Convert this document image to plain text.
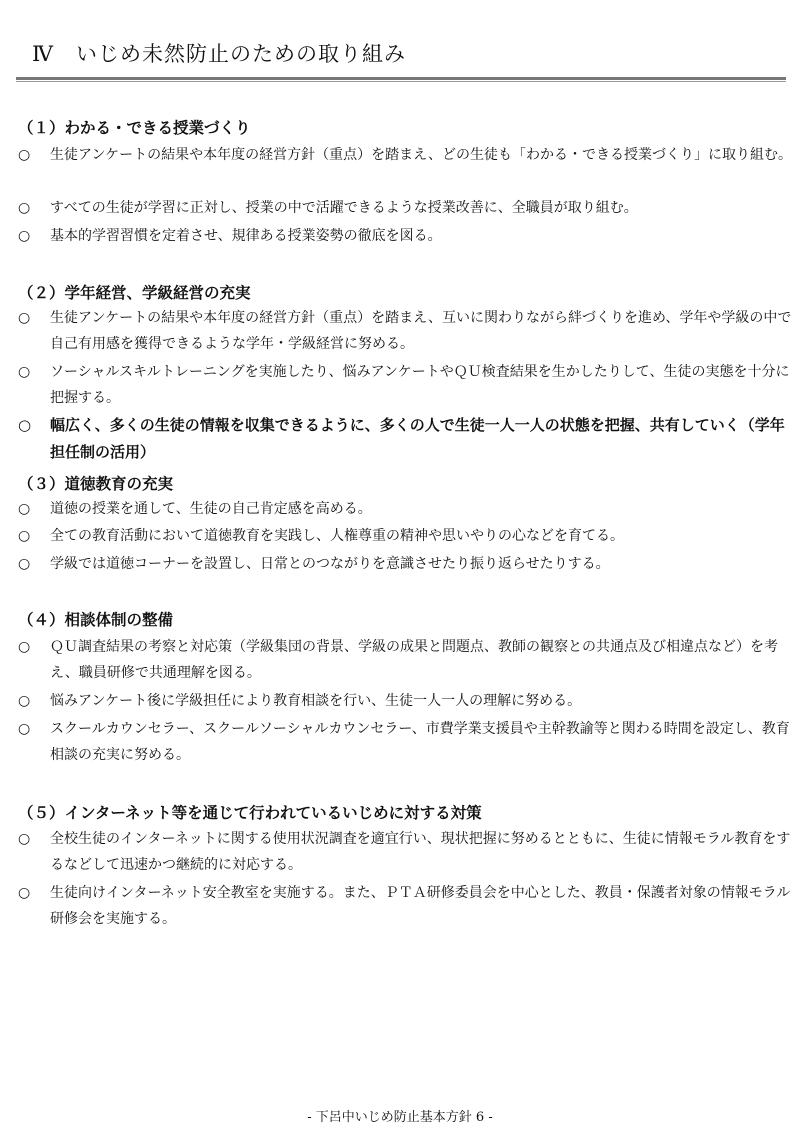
Ⅳ　いじめ未然防止のための取り組み
（１）わかる・できる授業づくり
○	生徒アンケートの結果や本年度の経営方針（重点）を踏まえ、どの生徒も「わかる・できる授業づくり」に取り組む。
○	すべての生徒が学習に正対し、授業の中で活躍できるような授業改善に、全職員が取り組む。
○	基本的学習習慣を定着させ、規律ある授業姿勢の徹底を図る。
（２）学年経営、学級経営の充実
○	生徒アンケートの結果や本年度の経営方針（重点）を踏まえ、互いに関わりながら絆づくりを進め、学年や学級の中で自己有用感を獲得できるような学年・学級経営に努める。
○	ソーシャルスキルトレーニングを実施したり、悩みアンケートやＱＵ検査結果を生かしたりして、生徒の実態を十分に把握する。
○	幅広く、多くの生徒の情報を収集できるように、多くの人で生徒一人一人の状態を把握、共有していく（学年担任制の活用）
（３）道徳教育の充実
○	道徳の授業を通して、生徒の自己肯定感を高める。
○	全ての教育活動において道徳教育を実践し、人権尊重の精神や思いやりの心などを育てる。
○	学級では道徳コーナーを設置し、日常とのつながりを意識させたり振り返らせたりする。
（４）相談体制の整備
○	ＱＵ調査結果の考察と対応策（学級集団の背景、学級の成果と問題点、教師の観察との共通点及び相違点など）を考え、職員研修で共通理解を図る。
○	悩みアンケート後に学級担任により教育相談を行い、生徒一人一人の理解に努める。
○	スクールカウンセラー、スクールソーシャルカウンセラー、市費学業支援員や主幹教諭等と関わる時間を設定し、教育相談の充実に努める。
（５）インターネット等を通じて行われているいじめに対する対策
○	全校生徒のインターネットに関する使用状況調査を適宜行い、現状把握に努めるとともに、生徒に情報モラル教育をするなどして迅速かつ継続的に対応する。
○	生徒向けインターネット安全教室を実施する。また、ＰＴＡ研修委員会を中心とした、教員・保護者対象の情報モラル研修会を実施する。
- 下呂中いじめ防止基本方針 6 -
